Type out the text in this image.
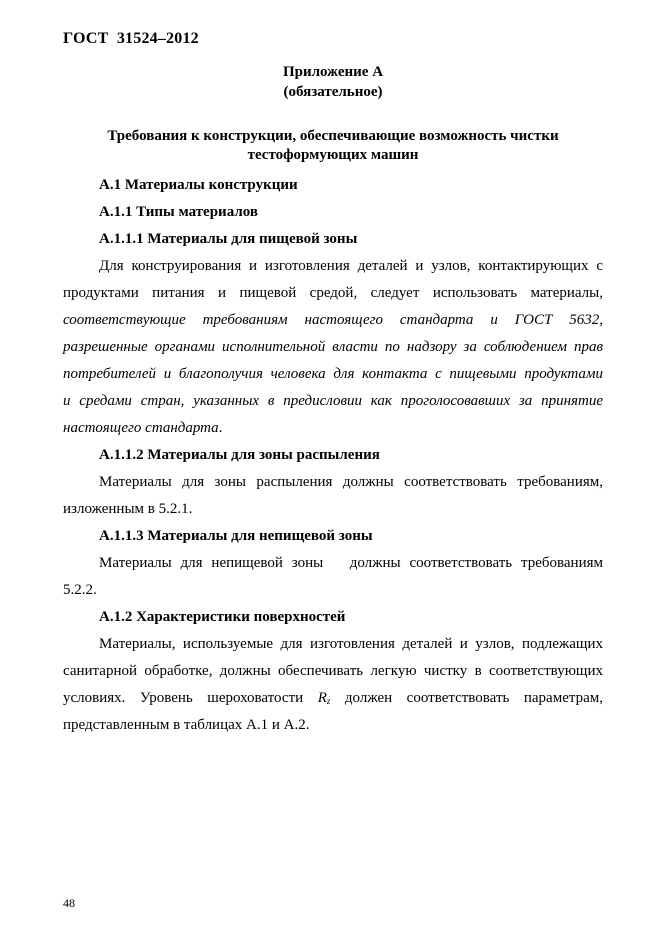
ГОСТ  31524–2012
Приложение А
(обязательное)
Требования к конструкции, обеспечивающие возможность чистки
тестоформующих машин
А.1 Материалы конструкции
А.1.1 Типы материалов
А.1.1.1 Материалы для пищевой зоны
Для конструирования и изготовления деталей и узлов, контактирующих с
продуктами питания и пищевой средой, следует использовать материалы,
соответствующие требованиям настоящего стандарта и ГОСТ 5632,
разрешенные органами исполнительной власти по надзору за соблюдением прав
потребителей и благополучия человека для контакта с пищевыми продуктами
и средами стран, указанных в предисловии как проголосовавших за принятие
настоящего стандарта.
А.1.1.2 Материалы для зоны распыления
Материалы для зоны распыления должны соответствовать требованиям,
изложенным в 5.2.1.
А.1.1.3 Материалы для непищевой зоны
Материалы для непищевой зоны   должны соответствовать требованиям
5.2.2.
А.1.2 Характеристики поверхностей
Материалы, используемые для изготовления деталей и узлов, подлежащих
санитарной обработке, должны обеспечивать легкую чистку в соответствующих
условиях. Уровень шероховатости $R_z$ должен соответствовать параметрам,
представленным в таблицах А.1 и А.2.
48
